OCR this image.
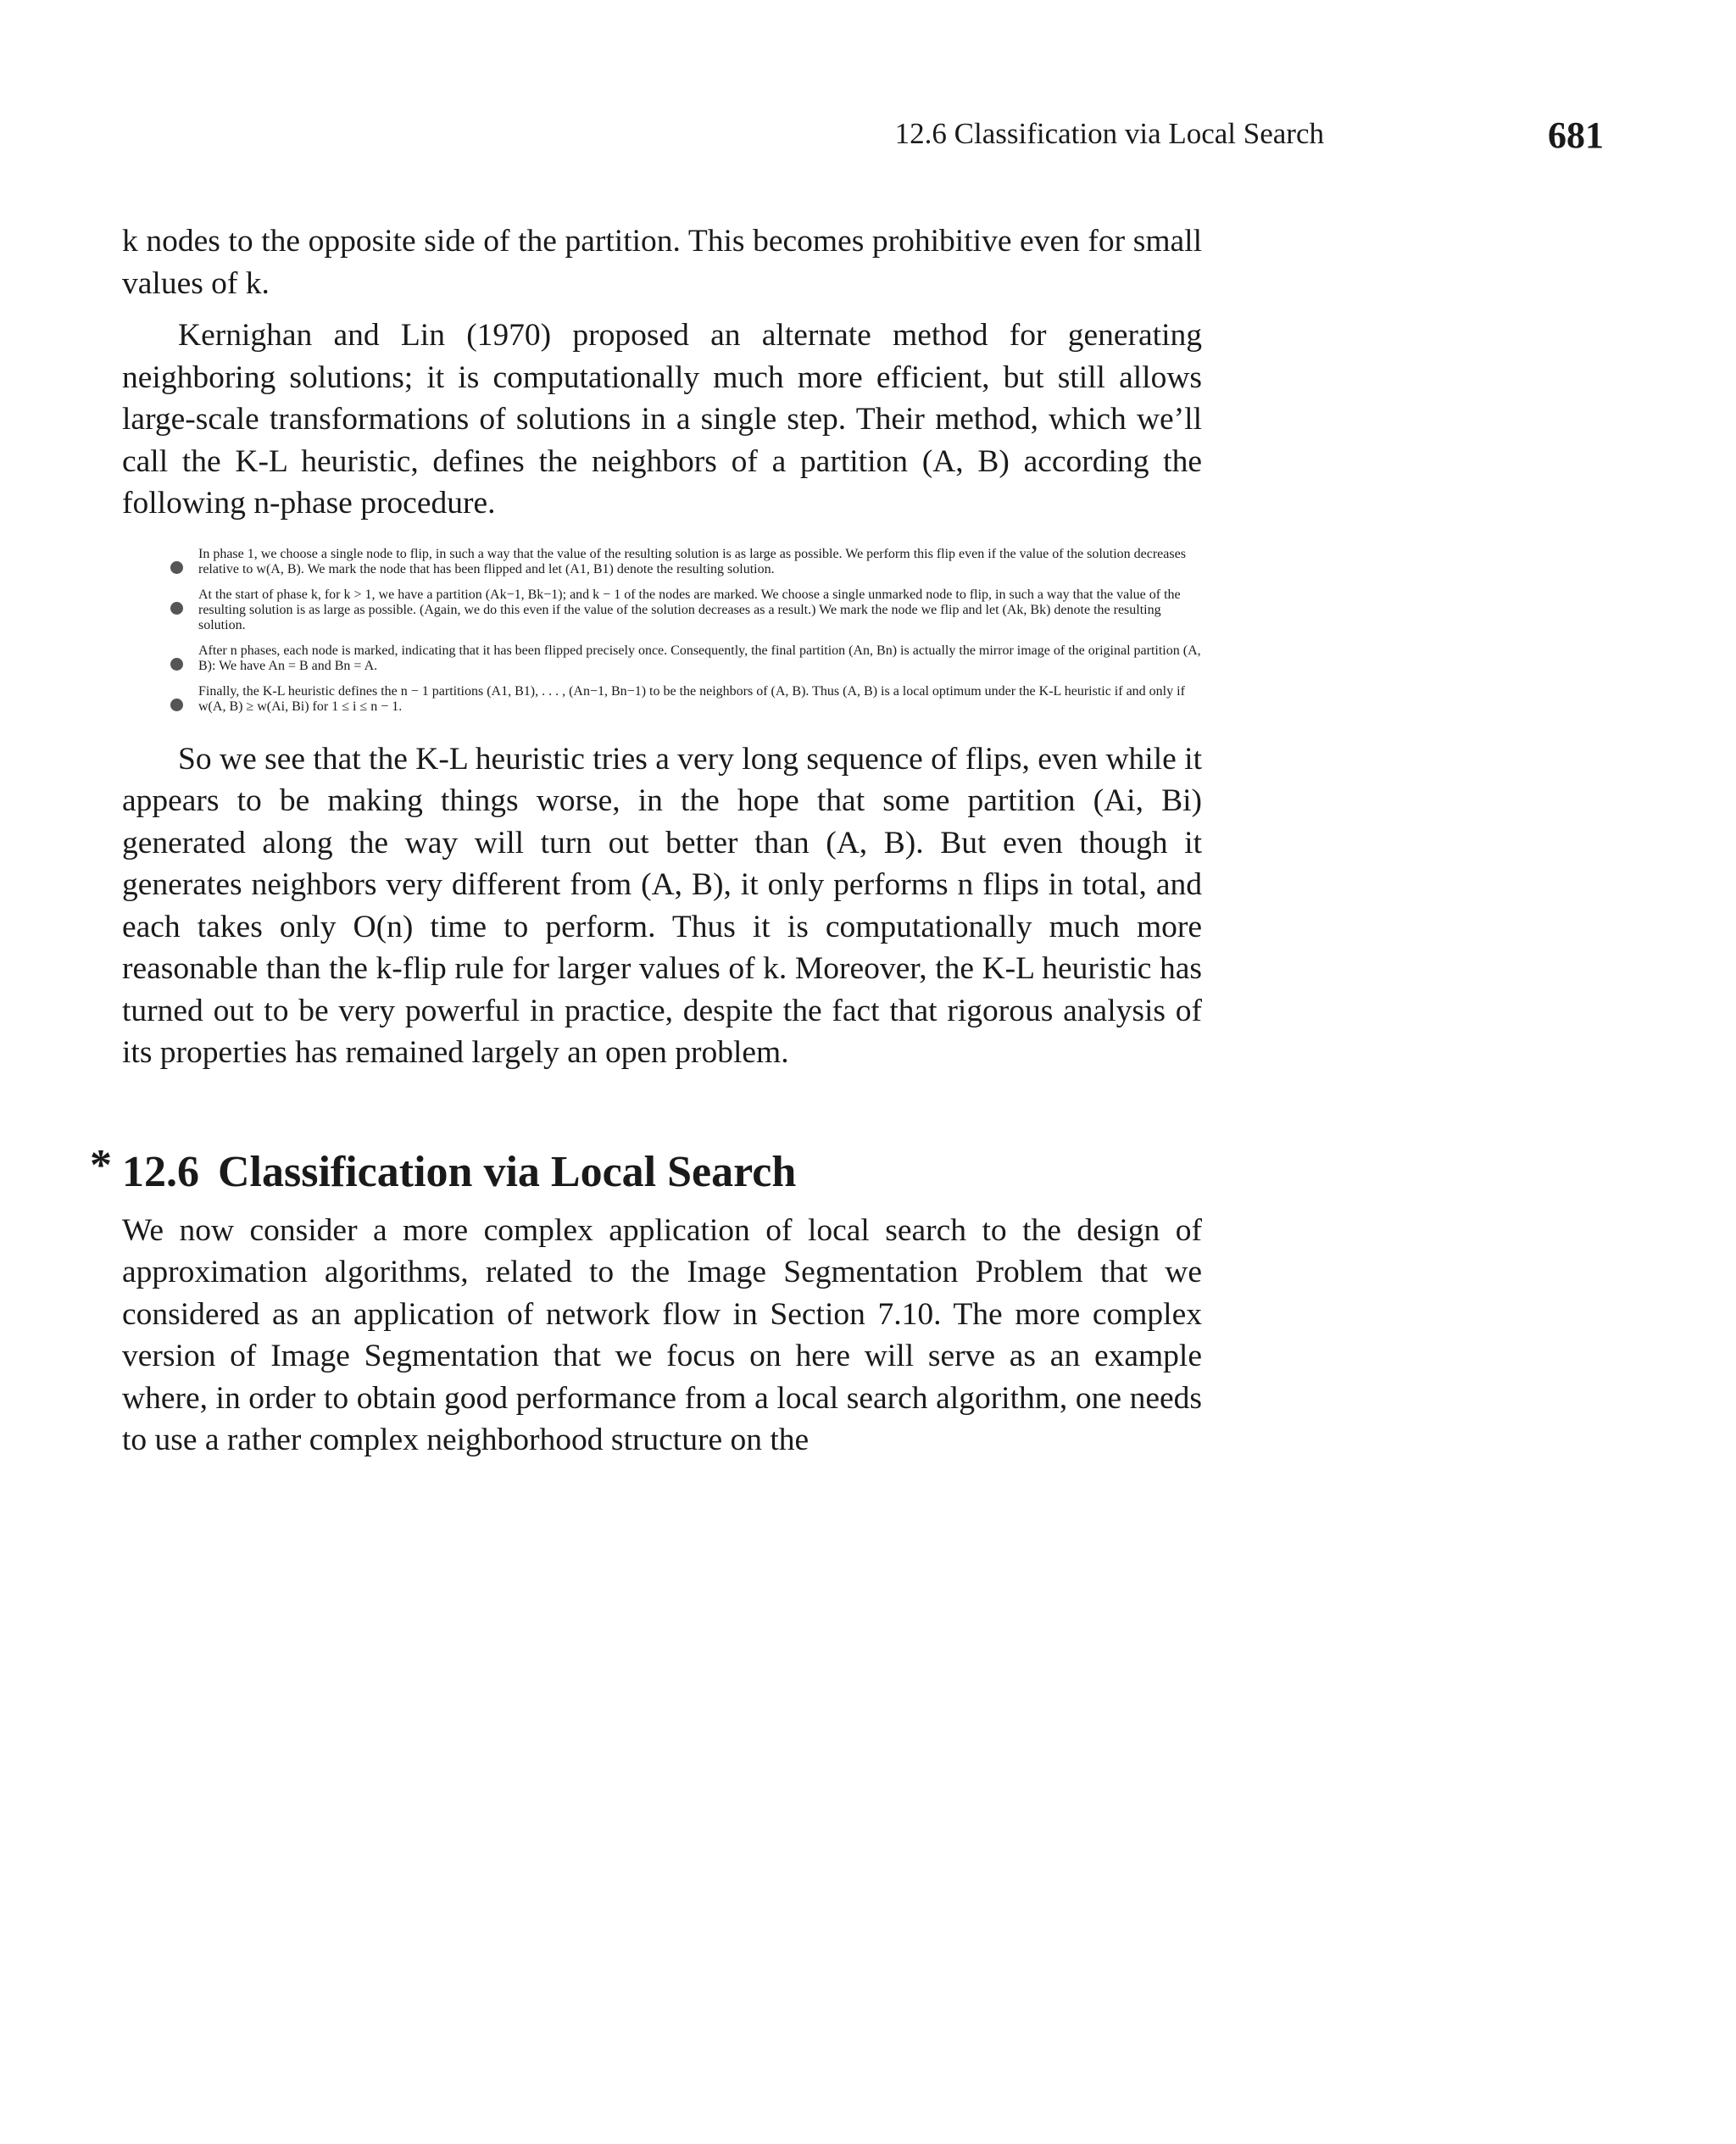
12.6 Classification via Local Search	681

k nodes to the opposite side of the partition. This becomes prohibitive even for small values of k.

Kernighan and Lin (1970) proposed an alternate method for generating neighboring solutions; it is computationally much more efficient, but still allows large-scale transformations of solutions in a single step. Their method, which we’ll call the K-L heuristic, defines the neighbors of a partition (A, B) according the following n-phase procedure.

In phase 1, we choose a single node to flip, in such a way that the value of the resulting solution is as large as possible. We perform this flip even if the value of the solution decreases relative to w(A, B). We mark the node that has been flipped and let (A1, B1) denote the resulting solution.
At the start of phase k, for k > 1, we have a partition (Ak−1, Bk−1); and k − 1 of the nodes are marked. We choose a single unmarked node to flip, in such a way that the value of the resulting solution is as large as possible. (Again, we do this even if the value of the solution decreases as a result.) We mark the node we flip and let (Ak, Bk) denote the resulting solution.
After n phases, each node is marked, indicating that it has been flipped precisely once. Consequently, the final partition (An, Bn) is actually the mirror image of the original partition (A, B): We have An = B and Bn = A.
Finally, the K-L heuristic defines the n − 1 partitions (A1, B1), . . . , (An−1, Bn−1) to be the neighbors of (A, B). Thus (A, B) is a local optimum under the K-L heuristic if and only if w(A, B) ≥ w(Ai, Bi) for 1 ≤ i ≤ n − 1.

So we see that the K-L heuristic tries a very long sequence of flips, even while it appears to be making things worse, in the hope that some partition (Ai, Bi) generated along the way will turn out better than (A, B). But even though it generates neighbors very different from (A, B), it only performs n flips in total, and each takes only O(n) time to perform. Thus it is computationally much more reasonable than the k-flip rule for larger values of k. Moreover, the K-L heuristic has turned out to be very powerful in practice, despite the fact that rigorous analysis of its properties has remained largely an open problem.

* 12.6 Classification via Local Search

We now consider a more complex application of local search to the design of approximation algorithms, related to the Image Segmentation Problem that we considered as an application of network flow in Section 7.10. The more complex version of Image Segmentation that we focus on here will serve as an example where, in order to obtain good performance from a local search algorithm, one needs to use a rather complex neighborhood structure on the
